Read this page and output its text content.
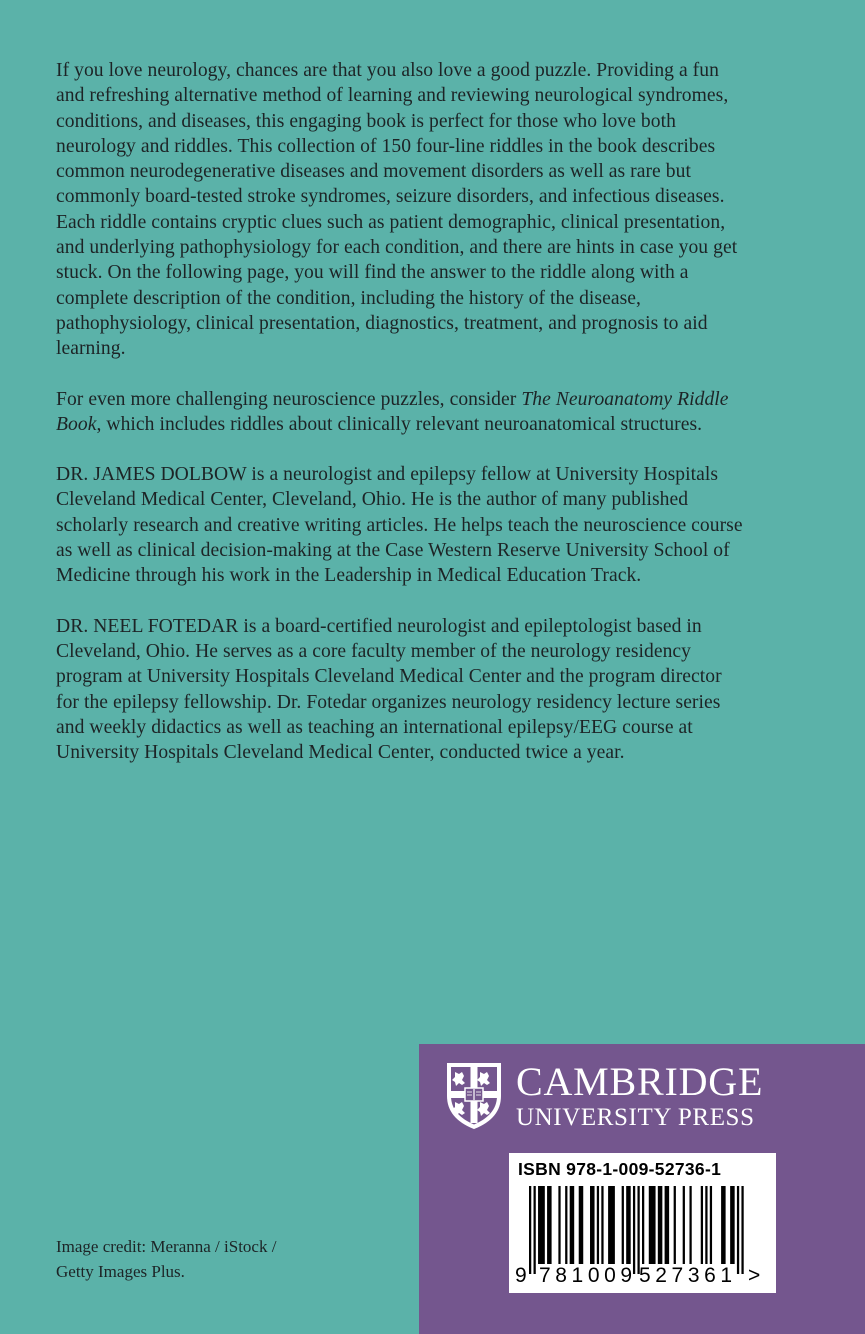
If you love neurology, chances are that you also love a good puzzle. Providing a fun and refreshing alternative method of learning and reviewing neurological syndromes, conditions, and diseases, this engaging book is perfect for those who love both neurology and riddles. This collection of 150 four-line riddles in the book describes common neurodegenerative diseases and movement disorders as well as rare but commonly board-tested stroke syndromes, seizure disorders, and infectious diseases. Each riddle contains cryptic clues such as patient demographic, clinical presentation, and underlying pathophysiology for each condition, and there are hints in case you get stuck. On the following page, you will find the answer to the riddle along with a complete description of the condition, including the history of the disease, pathophysiology, clinical presentation, diagnostics, treatment, and prognosis to aid learning.

For even more challenging neuroscience puzzles, consider The Neuroanatomy Riddle Book, which includes riddles about clinically relevant neuroanatomical structures.

DR. JAMES DOLBOW is a neurologist and epilepsy fellow at University Hospitals Cleveland Medical Center, Cleveland, Ohio. He is the author of many published scholarly research and creative writing articles. He helps teach the neuroscience course as well as clinical decision-making at the Case Western Reserve University School of Medicine through his work in the Leadership in Medical Education Track.

DR. NEEL FOTEDAR is a board-certified neurologist and epileptologist based in Cleveland, Ohio. He serves as a core faculty member of the neurology residency program at University Hospitals Cleveland Medical Center and the program director for the epilepsy fellowship. Dr. Fotedar organizes neurology residency lecture series and weekly didactics as well as teaching an international epilepsy/EEG course at University Hospitals Cleveland Medical Center, conducted twice a year.

Image credit: Meranna / iStock /
Getty Images Plus.
CAMBRIDGE
UNIVERSITY PRESS
ISBN 978-1-009-52736-1
9 781009 527361 >
